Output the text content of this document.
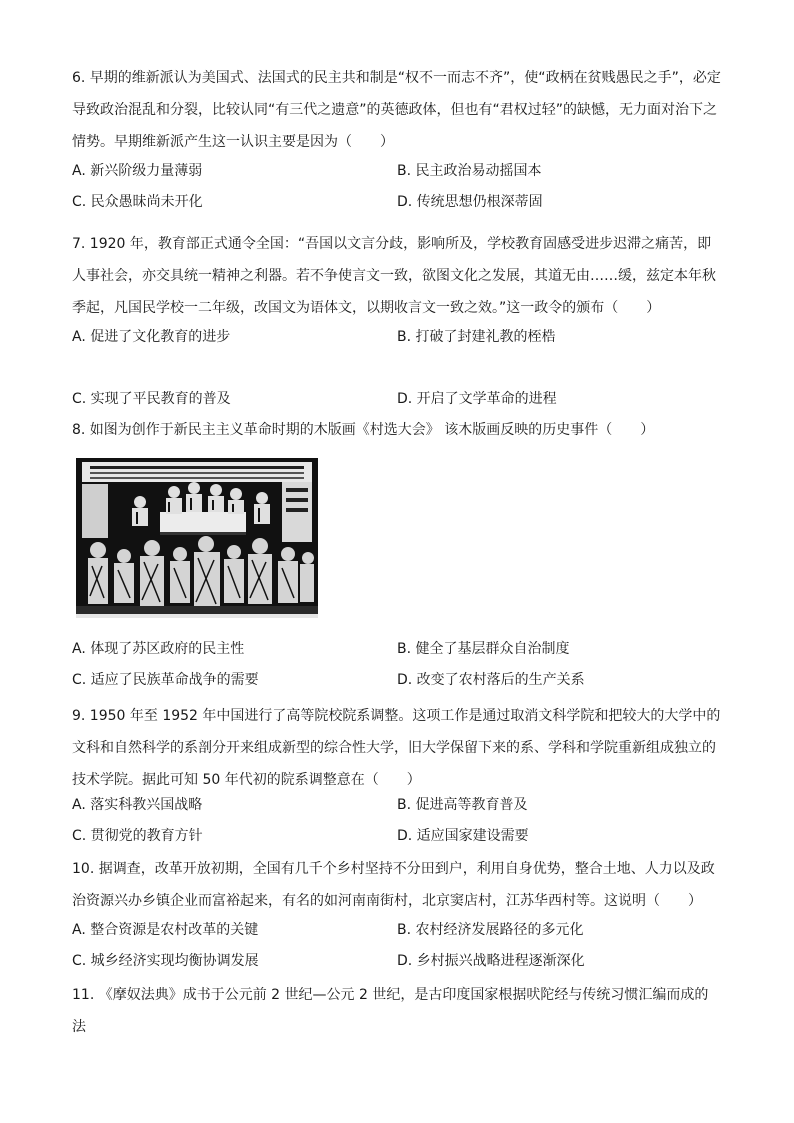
6. 早期的维新派认为美国式、法国式的民主共和制是“权不一而志不齐”，使“政柄在贫贱愚民之手”，必定导致政治混乱和分裂，比较认同“有三代之遗意”的英德政体，但也有“君权过轻”的缺憾，无力面对治下之情势。早期维新派产生这一认识主要是因为（　　）
A. 新兴阶级力量薄弱	B. 民主政治易动摇国本
C. 民众愚昧尚未开化	D. 传统思想仍根深蒂固
7. 1920 年，教育部正式通令全国：“吾国以文言分歧，影响所及，学校教育固感受进步迟滞之痛苦，即人事社会，亦交具统一精神之利器。若不争使言文一致，欲图文化之发展，其道无由……缓，兹定本年秋季起，凡国民学校一二年级，改国文为语体文，以期收言文一致之效。”这一政令的颁布（　　）
A. 促进了文化教育的进步	B. 打破了封建礼教的桎梏
C. 实现了平民教育的普及	D. 开启了文学革命的进程
8. 如图为创作于新民主主义革命时期的木版画《村选大会》 该木版画反映的历史事件（　　）
A. 体现了苏区政府的民主性	B. 健全了基层群众自治制度
C. 适应了民族革命战争的需要	D. 改变了农村落后的生产关系
9. 1950 年至 1952 年中国进行了高等院校院系调整。这项工作是通过取消文科学院和把较大的大学中的文科和自然科学的系剖分开来组成新型的综合性大学，旧大学保留下来的系、学科和学院重新组成独立的技术学院。据此可知 50 年代初的院系调整意在（　　）
A. 落实科教兴国战略	B. 促进高等教育普及
C. 贯彻党的教育方针	D. 适应国家建设需要
10. 据调查，改革开放初期，全国有几千个乡村坚持不分田到户，利用自身优势，整合土地、人力以及政治资源兴办乡镇企业而富裕起来，有名的如河南南街村，北京窦店村，江苏华西村等。这说明（　　）
A. 整合资源是农村改革的关键	B. 农村经济发展路径的多元化
C. 城乡经济实现均衡协调发展	D. 乡村振兴战略进程逐渐深化
11. 《摩奴法典》成书于公元前 2 世纪—公元 2 世纪，是古印度国家根据吠陀经与传统习惯汇编而成的法
